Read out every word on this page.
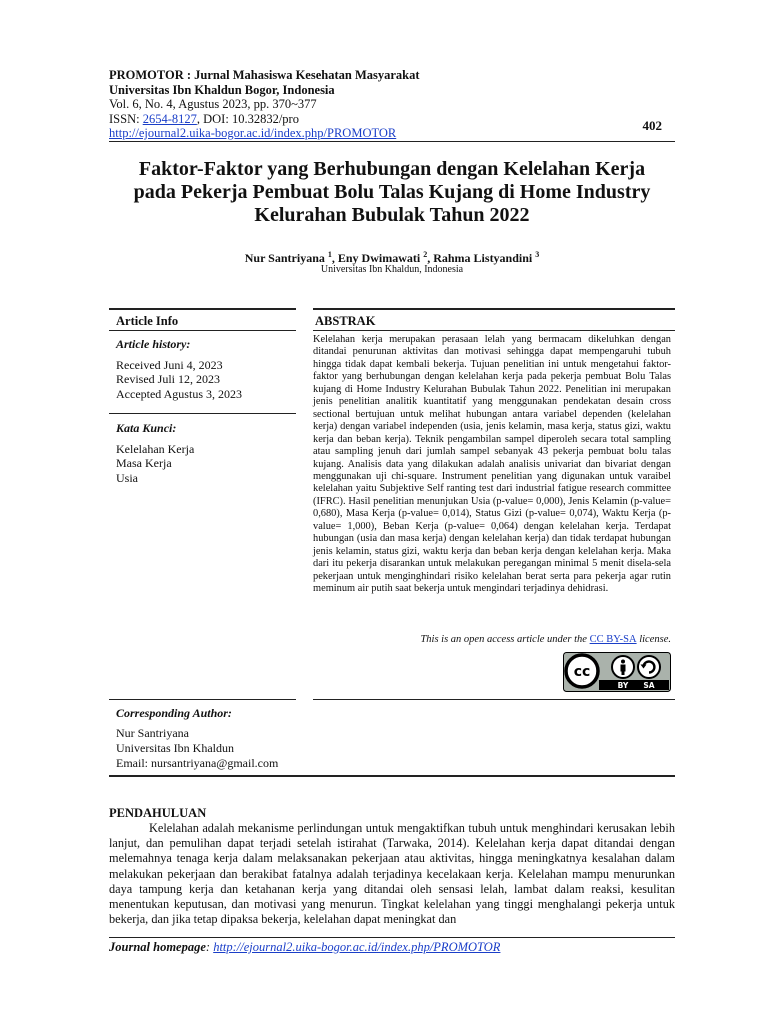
PROMOTOR : Jurnal Mahasiswa Kesehatan Masyarakat
Universitas Ibn Khaldun Bogor, Indonesia
Vol. 6, No. 4, Agustus 2023, pp. 370~377
ISSN: 2654-8127, DOI: 10.32832/pro
http://ejournal2.uika-bogor.ac.id/index.php/PROMOTOR	402
Faktor-Faktor yang Berhubungan dengan Kelelahan Kerja
pada Pekerja Pembuat Bolu Talas Kujang di Home Industry
Kelurahan Bubulak Tahun 2022
Nur Santriyana $^1$, Eny Dwimawati $^2$, Rahma Listyandini $^3$
Universitas Ibn Khaldun, Indonesia
Article Info	ABSTRAK
Article history:
Received Juni 4, 2023
Revised Juli 12, 2023
Accepted Agustus 3, 2023
Kata Kunci:
Kelelahan Kerja
Masa Kerja
Usia
Kelelahan kerja merupakan perasaan lelah yang bermacam dikeluhkan dengan ditandai penurunan aktivitas dan motivasi sehingga dapat mempengaruhi tubuh hingga tidak dapat kembali bekerja. Tujuan penelitian ini untuk mengetahui faktor-faktor yang berhubungan dengan kelelahan kerja pada pekerja pembuat Bolu Talas kujang di Home Industry Kelurahan Bubulak Tahun 2022. Penelitian ini merupakan jenis penelitian analitik kuantitatif yang menggunakan pendekatan desain cross sectional bertujuan untuk melihat hubungan antara variabel dependen (kelelahan kerja) dengan variabel independen (usia, jenis kelamin, masa kerja, status gizi, waktu kerja dan beban kerja). Teknik pengambilan sampel diperoleh secara total sampling atau sampling jenuh dari jumlah sampel sebanyak 43 pekerja pembuat bolu talas kujang. Analisis data yang dilakukan adalah analisis univariat dan bivariat dengan menggunakan uji chi-square. Instrument penelitian yang digunakan untuk varaibel kelelahan yaitu Subjektive Self ranting test dari industrial fatigue research committee (IFRC). Hasil penelitian menunjukan Usia (p-value= 0,000), Jenis Kelamin (p-value= 0,680), Masa Kerja (p-value= 0,014), Status Gizi (p-value= 0,074), Waktu Kerja (p-value= 1,000), Beban Kerja (p-value= 0,064) dengan kelelahan kerja. Terdapat hubungan (usia dan masa kerja) dengan kelelahan kerja) dan tidak terdapat hubungan jenis kelamin, status gizi, waktu kerja dan beban kerja dengan kelelahan kerja. Maka dari itu pekerja disarankan untuk melakukan peregangan minimal 5 menit disela-sela pekerjaan untuk menginghindari risiko kelelahan berat serta para pekerja agar rutin meminum air putih saat bekerja untuk mengindari terjadinya dehidrasi.
This is an open access article under the CC BY-SA license.
cc
BY SA
Corresponding Author:
Nur Santriyana
Universitas Ibn Khaldun
Email: nursantriyana@gmail.com
PENDAHULUAN

Kelelahan adalah mekanisme perlindungan untuk mengaktifkan tubuh untuk menghindari kerusakan lebih lanjut, dan pemulihan dapat terjadi setelah istirahat (Tarwaka, 2014). Kelelahan kerja dapat ditandai dengan melemahnya tenaga kerja dalam melaksanakan pekerjaan atau aktivitas, hingga meningkatnya kesalahan dalam melakukan pekerjaan dan berakibat fatalnya adalah terjadinya kecelakaan kerja. Kelelahan mampu menurunkan daya tampung kerja dan ketahanan kerja yang ditandai oleh sensasi lelah, lambat dalam reaksi, kesulitan menentukan keputusan, dan motivasi yang menurun. Tingkat kelelahan yang tinggi menghalangi pekerja untuk bekerja, dan jika tetap dipaksa bekerja, kelelahan dapat meningkat dan

Journal homepage: http://ejournal2.uika-bogor.ac.id/index.php/PROMOTOR
